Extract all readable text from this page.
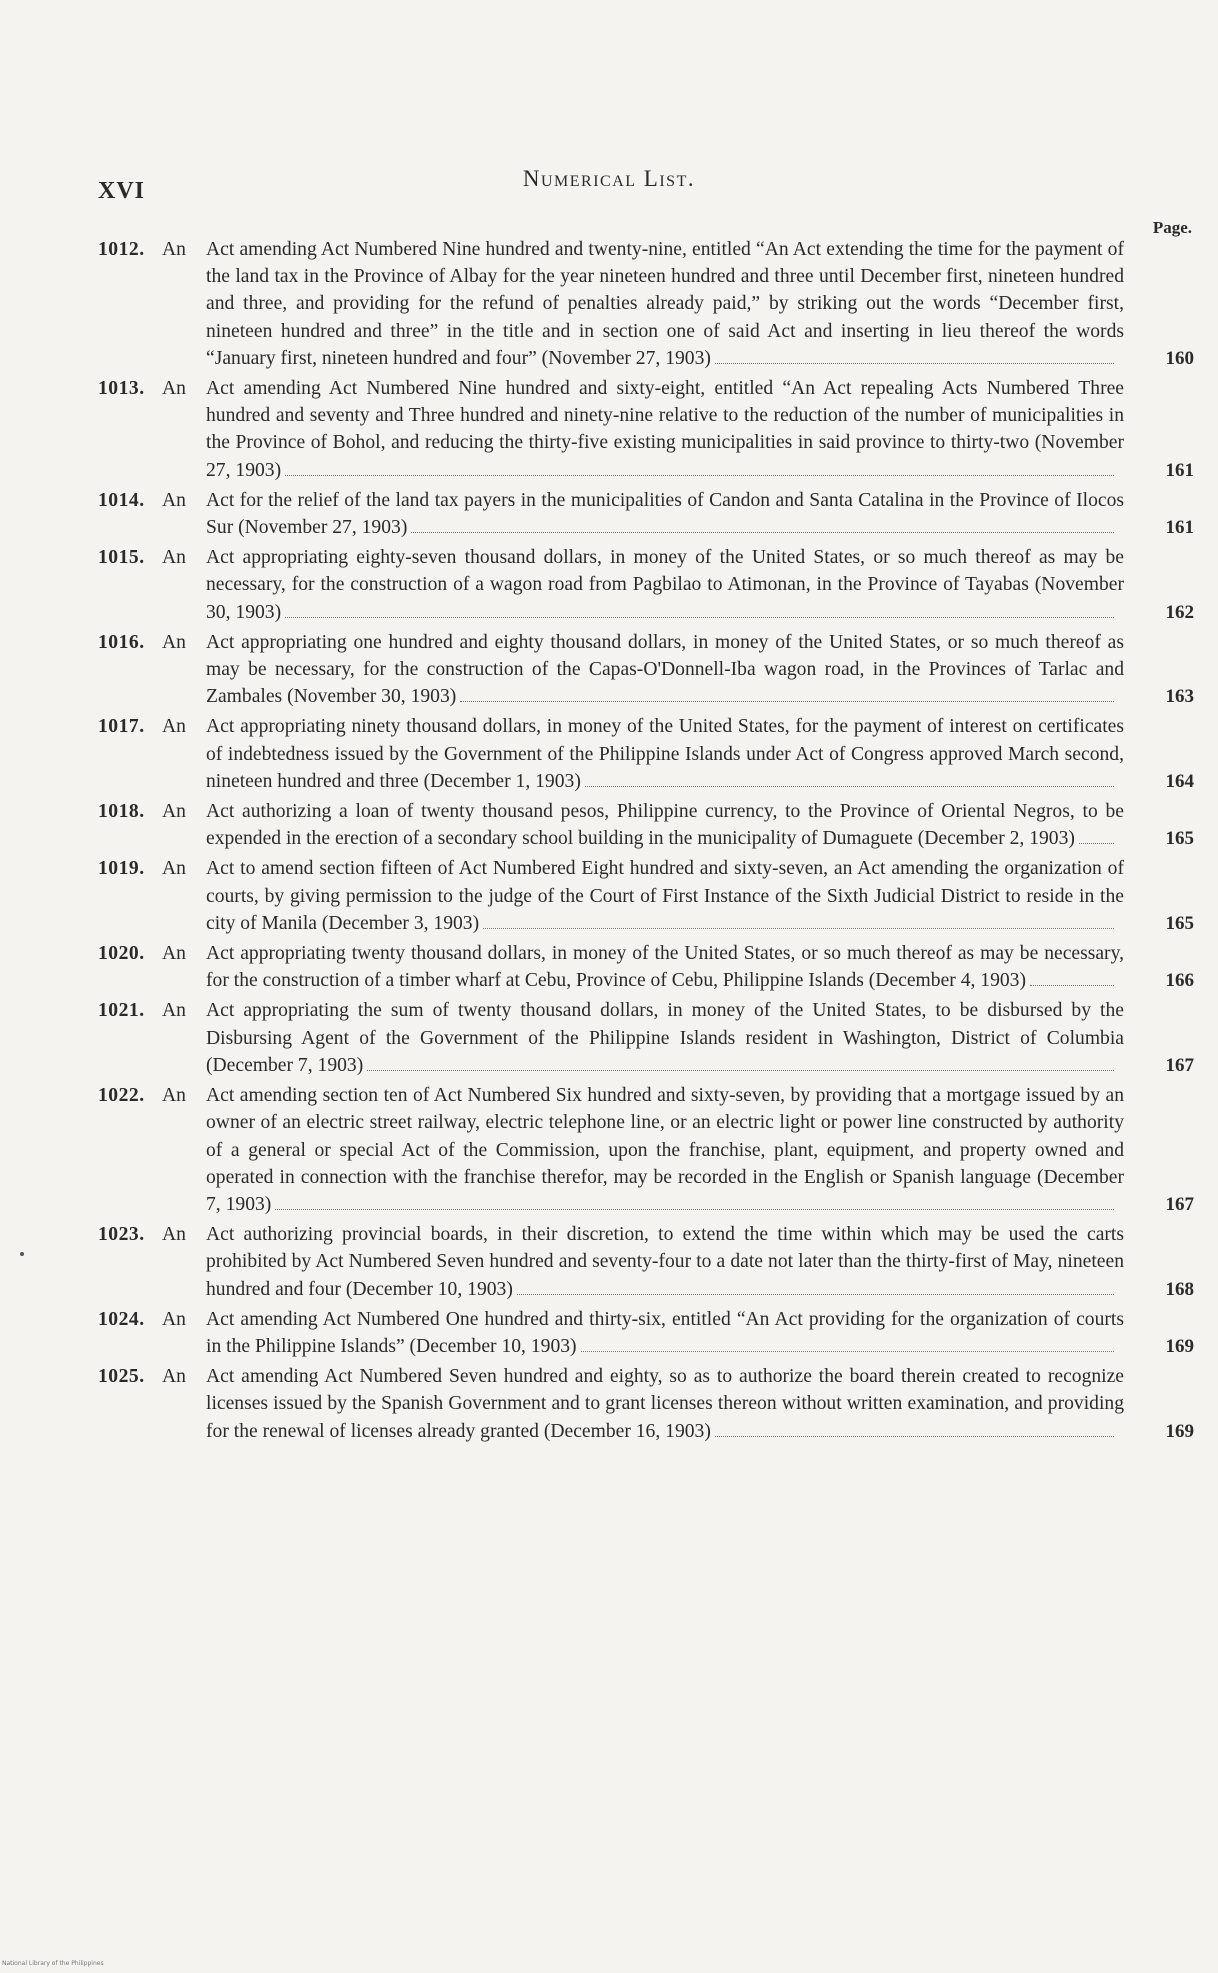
XVI	Numerical List.
Page.
1012. An Act amending Act Numbered Nine hundred and twenty-nine, entitled “An Act extending the time for the payment of the land tax in the Province of Albay for the year nineteen hundred and three until December first, nineteen hundred and three, and providing for the refund of penalties already paid,” by striking out the words “December first, nineteen hundred and three” in the title and in section one of said Act and inserting in lieu thereof the words “January first, nineteen hundred and four” (November 27, 1903)	160
1013. An Act amending Act Numbered Nine hundred and sixty-eight, entitled “An Act repealing Acts Numbered Three hundred and seventy and Three hundred and ninety-nine relative to the reduction of the number of municipalities in the Province of Bohol, and reducing the thirty-five existing municipalities in said province to thirty-two (November 27, 1903)	161
1014. An Act for the relief of the land tax payers in the municipalities of Candon and Santa Catalina in the Province of Ilocos Sur (November 27, 1903)	161
1015. An Act appropriating eighty-seven thousand dollars, in money of the United States, or so much thereof as may be necessary, for the construction of a wagon road from Pagbilao to Atimonan, in the Province of Tayabas (November 30, 1903)	162
1016. An Act appropriating one hundred and eighty thousand dollars, in money of the United States, or so much thereof as may be necessary, for the construction of the Capas-O'Donnell-Iba wagon road, in the Provinces of Tarlac and Zambales (November 30, 1903)	163
1017. An Act appropriating ninety thousand dollars, in money of the United States, for the payment of interest on certificates of indebtedness issued by the Government of the Philippine Islands under Act of Congress approved March second, nineteen hundred and three (December 1, 1903)	164
1018. An Act authorizing a loan of twenty thousand pesos, Philippine currency, to the Province of Oriental Negros, to be expended in the erection of a secondary school building in the municipality of Dumaguete (December 2, 1903)	165
1019. An Act to amend section fifteen of Act Numbered Eight hundred and sixty-seven, an Act amending the organization of courts, by giving permission to the judge of the Court of First Instance of the Sixth Judicial District to reside in the city of Manila (December 3, 1903)	165
1020. An Act appropriating twenty thousand dollars, in money of the United States, or so much thereof as may be necessary, for the construction of a timber wharf at Cebu, Province of Cebu, Philippine Islands (December 4, 1903)	166
1021. An Act appropriating the sum of twenty thousand dollars, in money of the United States, to be disbursed by the Disbursing Agent of the Government of the Philippine Islands resident in Washington, District of Columbia (December 7, 1903)	167
1022. An Act amending section ten of Act Numbered Six hundred and sixty-seven, by providing that a mortgage issued by an owner of an electric street railway, electric telephone line, or an electric light or power line constructed by authority of a general or special Act of the Commission, upon the franchise, plant, equipment, and property owned and operated in connection with the franchise therefor, may be recorded in the English or Spanish language (December 7, 1903)	167
1023. An Act authorizing provincial boards, in their discretion, to extend the time within which may be used the carts prohibited by Act Numbered Seven hundred and seventy-four to a date not later than the thirty-first of May, nineteen hundred and four (December 10, 1903)	168
1024. An Act amending Act Numbered One hundred and thirty-six, entitled “An Act providing for the organization of courts in the Philippine Islands” (December 10, 1903)	169
1025. An Act amending Act Numbered Seven hundred and eighty, so as to authorize the board therein created to recognize licenses issued by the Spanish Government and to grant licenses thereon without written examination, and providing for the renewal of licenses already granted (December 16, 1903)	169
National Library of the Philippines
